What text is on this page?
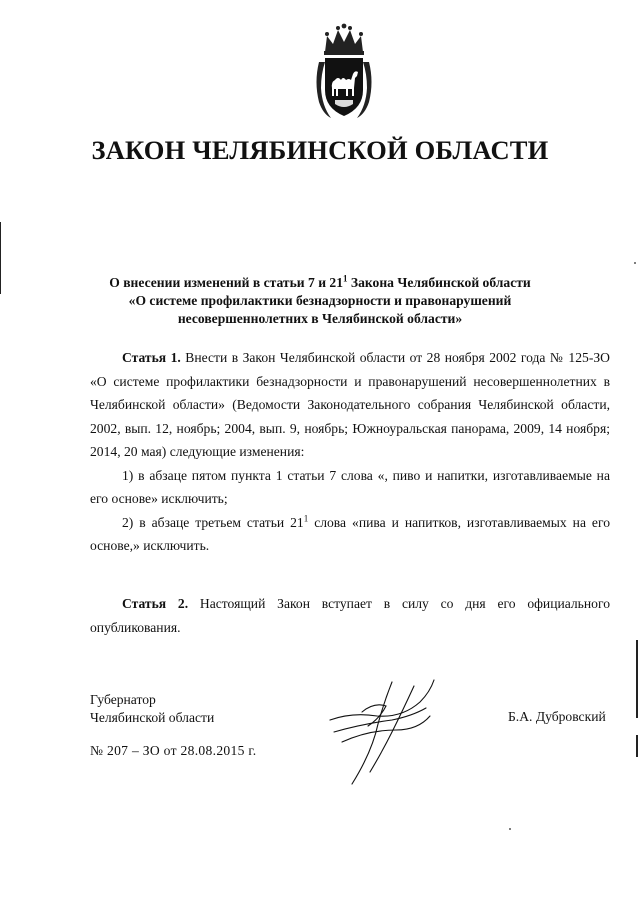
ЗАКОН ЧЕЛЯБИНСКОЙ ОБЛАСТИ
О внесении изменений в статьи 7 и $21^1$ Закона Челябинской области
«О системе профилактики безнадзорности и правонарушений
несовершеннолетних в Челябинской области»

Статья 1. Внести в Закон Челябинской области от 28 ноября 2002 года № 125-ЗО «О системе профилактики безнадзорности и правонарушений несовершеннолетних в Челябинской области» (Ведомости Законодательного собрания Челябинской области, 2002, вып. 12, ноябрь; 2004, вып. 9, ноябрь; Южноуральская панорама, 2009, 14 ноября; 2014, 20 мая) следующие изменения:

1) в абзаце пятом пункта 1 статьи 7 слова «, пиво и напитки, изготавливаемые на его основе» исключить;

2) в абзаце третьем статьи $21^1$ слова «пива и напитков, изготавливаемых на его основе,» исключить.

Статья 2. Настоящий Закон вступает в силу со дня его официального опубликования.

Губернатор
Челябинской области	Б.А. Дубровский
№ 207 – ЗО от 28.08.2015 г.
